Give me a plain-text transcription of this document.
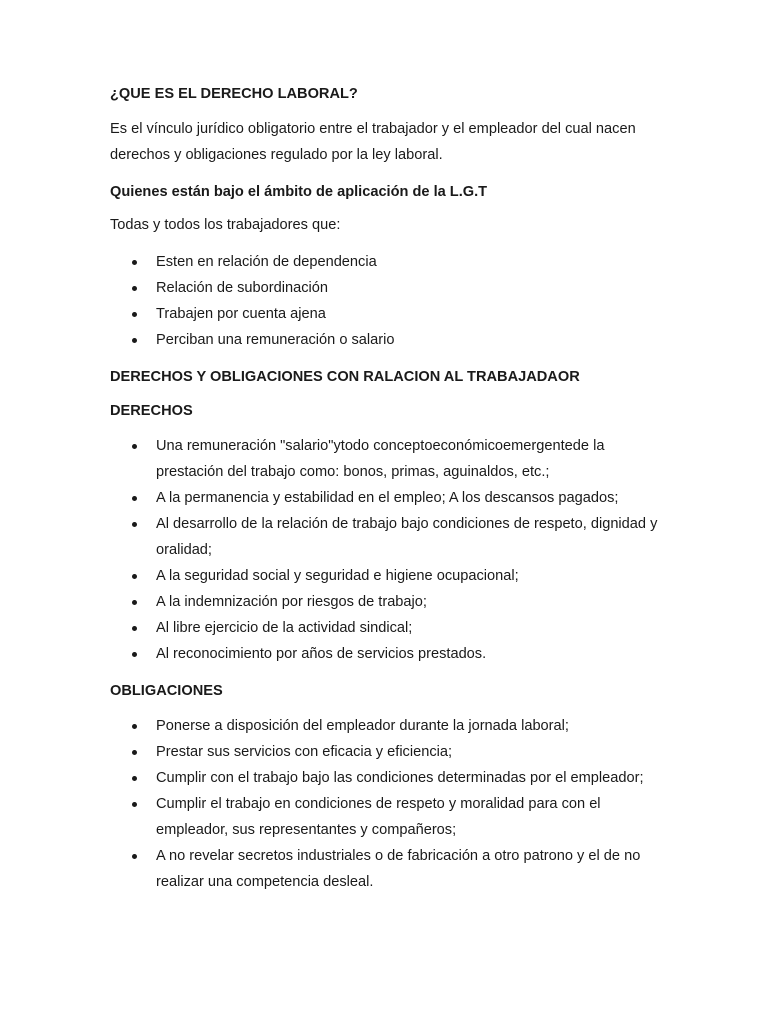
¿QUE ES EL DERECHO LABORAL?

Es el vínculo jurídico obligatorio entre el trabajador y el empleador del cual nacen derechos y obligaciones regulado por la ley laboral.

Quienes están bajo el ámbito de aplicación de la L.G.T

Todas y todos los trabajadores que:

Esten en relación de dependencia
Relación de subordinación
Trabajen por cuenta ajena
Perciban una remuneración o salario

DERECHOS Y OBLIGACIONES CON RALACION AL TRABAJADAOR

DERECHOS

Una remuneración "salario"ytodo conceptoeconómicoemergentede la prestación del trabajo como: bonos, primas, aguinaldos, etc.;
A la permanencia y estabilidad en el empleo; A los descansos pagados;
Al desarrollo de la relación de trabajo bajo condiciones de respeto, dignidad y oralidad;
A la seguridad social y seguridad e higiene ocupacional;
A la indemnización por riesgos de trabajo;
Al libre ejercicio de la actividad sindical;
Al reconocimiento por años de servicios prestados.

OBLIGACIONES

Ponerse a disposición del empleador durante la jornada laboral;
Prestar sus servicios con eficacia y eficiencia;
Cumplir con el trabajo bajo las condiciones determinadas por el empleador;
Cumplir el trabajo en condiciones de respeto y moralidad para con el empleador, sus representantes y compañeros;
A no revelar secretos industriales o de fabricación a otro patrono y el de no realizar una competencia desleal.
